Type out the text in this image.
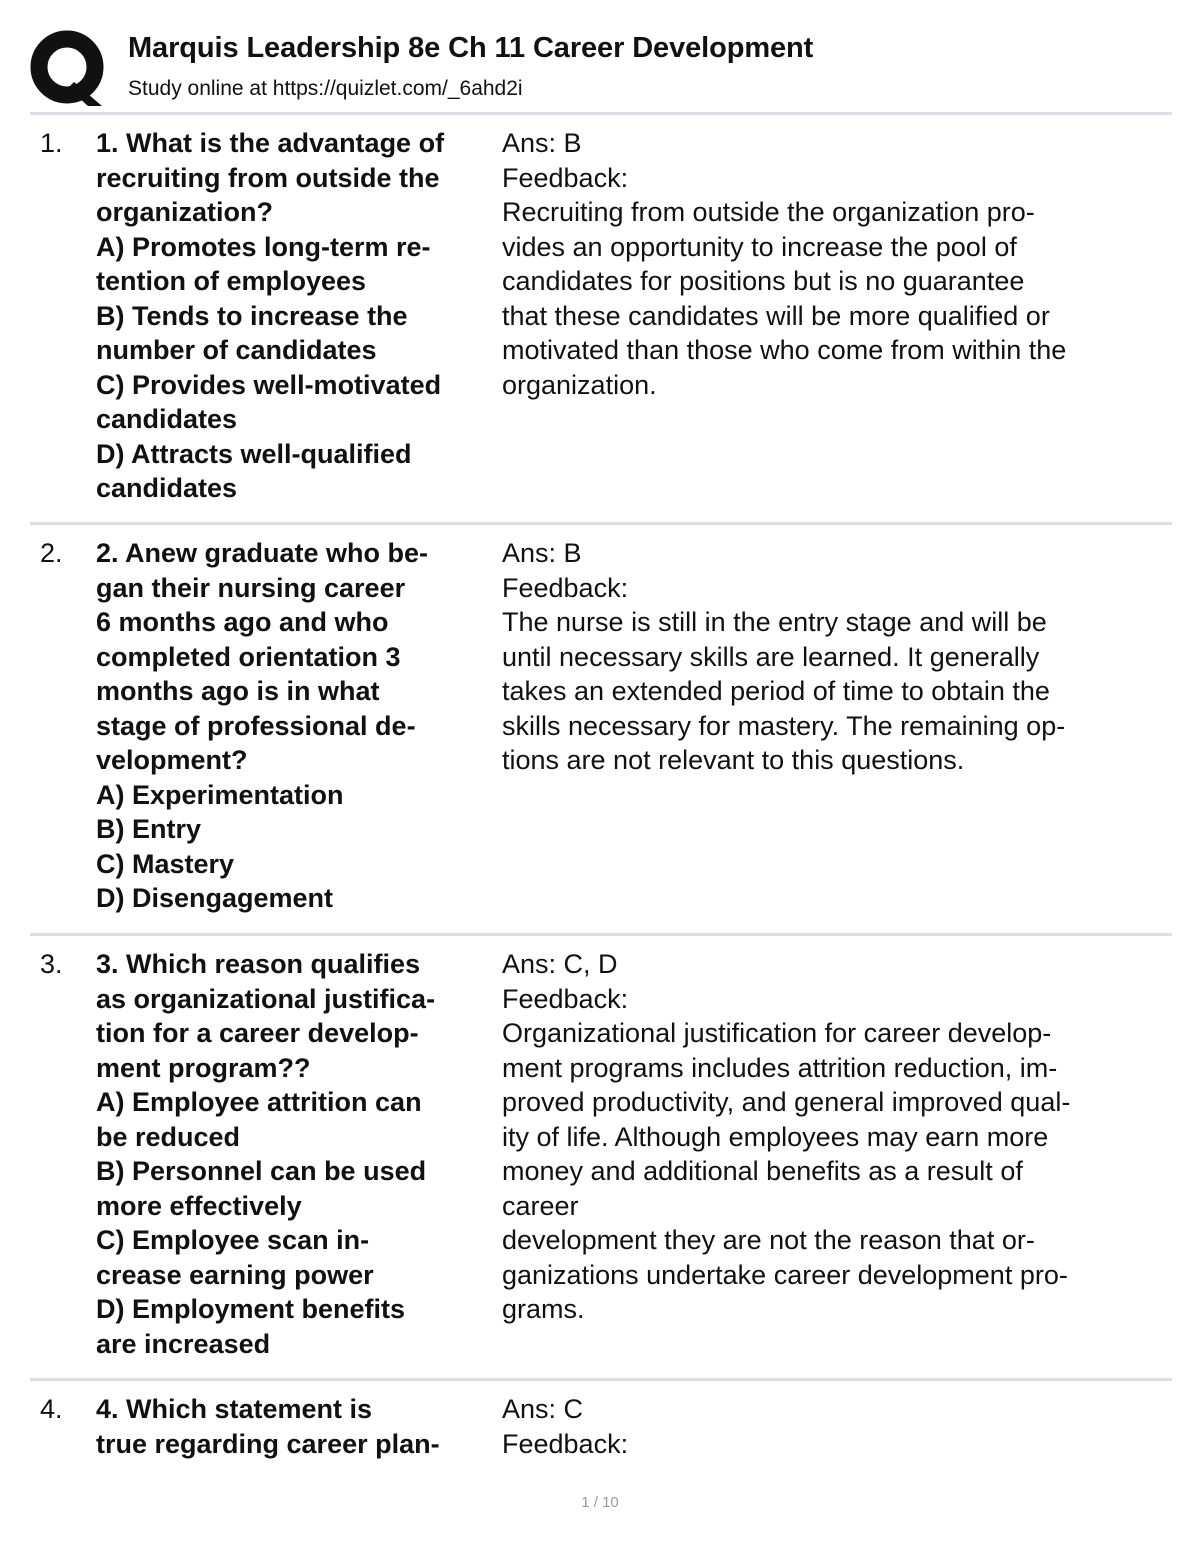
Marquis Leadership 8e Ch 11 Career Development
Study online at https://quizlet.com/_6ahd2i
1. 1. What is the advantage of
recruiting from outside the
organization?
A) Promotes long-term re-
tention of employees
B) Tends to increase the
number of candidates
C) Provides well-motivated
candidates
D) Attracts well-qualified
candidates
Ans: B
Feedback:
Recruiting from outside the organization pro-
vides an opportunity to increase the pool of
candidates for positions but is no guarantee
that these candidates will be more qualified or
motivated than those who come from within the
organization.
2. 2. Anew graduate who be-
gan their nursing career
6 months ago and who
completed orientation 3
months ago is in what
stage of professional de-
velopment?
A) Experimentation
B) Entry
C) Mastery
D) Disengagement
Ans: B
Feedback:
The nurse is still in the entry stage and will be
until necessary skills are learned. It generally
takes an extended period of time to obtain the
skills necessary for mastery. The remaining op-
tions are not relevant to this questions.
3. 3. Which reason qualifies
as organizational justifica-
tion for a career develop-
ment program??
A) Employee attrition can
be reduced
B) Personnel can be used
more effectively
C) Employee scan in-
crease earning power
D) Employment benefits
are increased
Ans: C, D
Feedback:
Organizational justification for career develop-
ment programs includes attrition reduction, im-
proved productivity, and general improved qual-
ity of life. Although employees may earn more
money and additional benefits as a result of
career
development they are not the reason that or-
ganizations undertake career development pro-
grams.
4. 4. Which statement is
true regarding career plan-
Ans: C
Feedback:
1 / 10
